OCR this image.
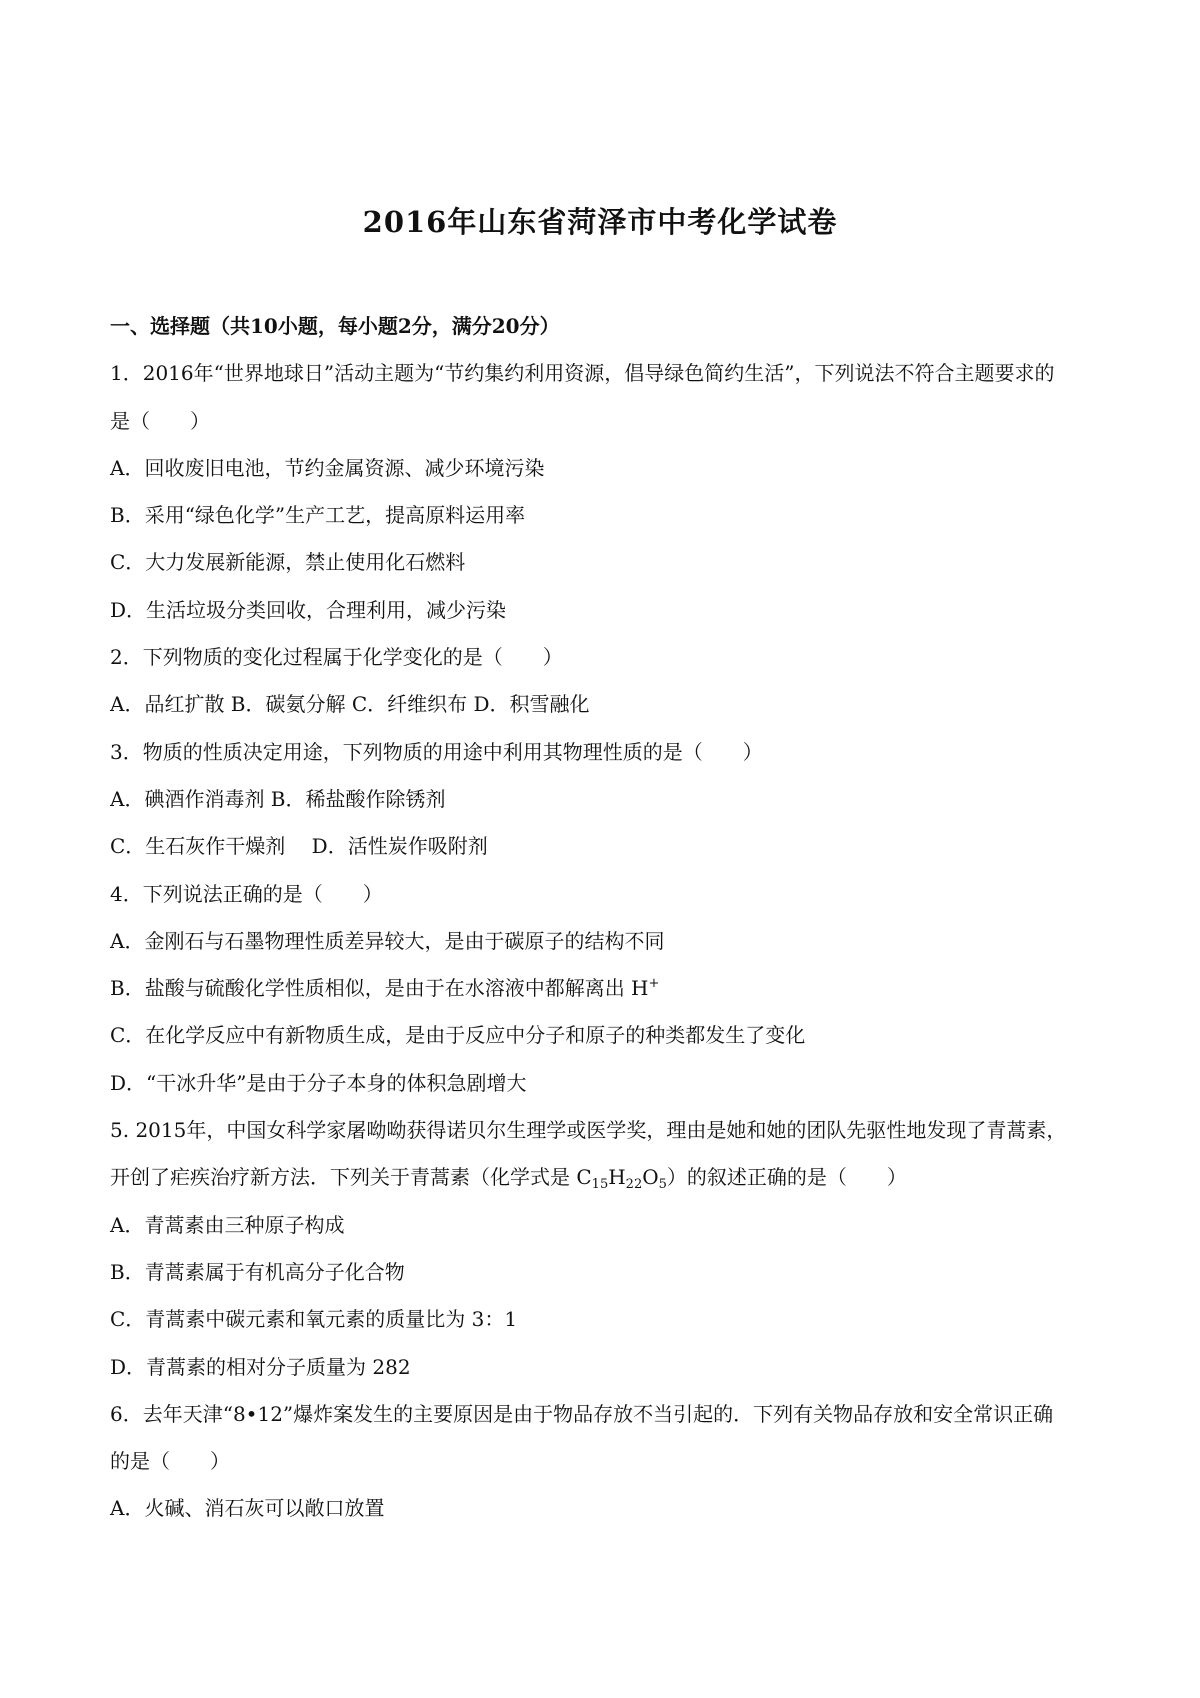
2016年山东省菏泽市中考化学试卷
一、选择题（共10小题，每小题2分，满分20分）
1．2016年“世界地球日”活动主题为“节约集约利用资源，倡导绿色简约生活”，下列说法不符合主题要求的
是（　　）
A．回收废旧电池，节约金属资源、减少环境污染
B．采用“绿色化学”生产工艺，提高原料运用率
C．大力发展新能源，禁止使用化石燃料
D．生活垃圾分类回收，合理利用，减少污染
2．下列物质的变化过程属于化学变化的是（　　）
A．品红扩散 B．碳氨分解 C．纤维织布 D．积雪融化
3．物质的性质决定用途，下列物质的用途中利用其物理性质的是（　　）
A．碘酒作消毒剂 B．稀盐酸作除锈剂
C．生石灰作干燥剂　 D．活性炭作吸附剂
4．下列说法正确的是（　　）
A．金刚石与石墨物理性质差异较大，是由于碳原子的结构不同
B．盐酸与硫酸化学性质相似，是由于在水溶液中都解离出 H+
C．在化学反应中有新物质生成，是由于反应中分子和原子的种类都发生了变化
D．“干冰升华”是由于分子本身的体积急剧增大
5. 2015年，中国女科学家屠呦呦获得诺贝尔生理学或医学奖，理由是她和她的团队先驱性地发现了青蒿素，
开创了疟疾治疗新方法．下列关于青蒿素（化学式是 $C_{15}H_{22}O_5$）的叙述正确的是（　　）
A．青蒿素由三种原子构成
B．青蒿素属于有机高分子化合物
C．青蒿素中碳元素和氧元素的质量比为 3：1
D．青蒿素的相对分子质量为 282
6．去年天津“8•12”爆炸案发生的主要原因是由于物品存放不当引起的．下列有关物品存放和安全常识正确
的是（　　）
A．火碱、消石灰可以敞口放置
